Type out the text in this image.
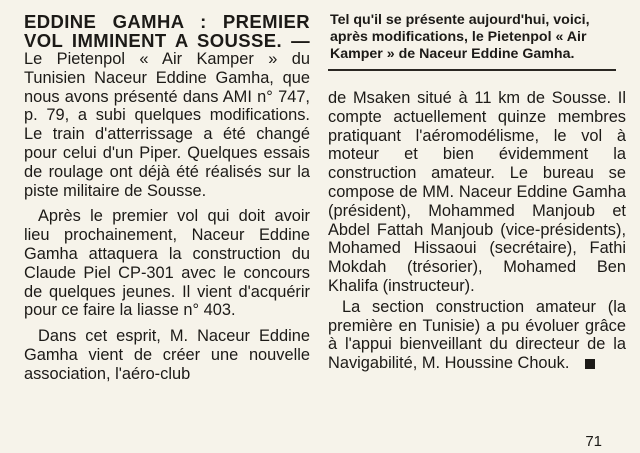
EDDINE GAMHA : PREMIER VOL IMMINENT A SOUSSE. —

Le Pietenpol « Air Kamper » du Tunisien Naceur Eddine Gamha, que nous avons présenté dans AMI n° 747, p. 79, a subi quelques modifications. Le train d'atterrissage a été changé pour celui d'un Piper. Quelques essais de roulage ont déjà été réalisés sur la piste militaire de Sousse.

Après le premier vol qui doit avoir lieu prochainement, Naceur Eddine Gamha attaquera la construction du Claude Piel CP-301 avec le concours de quelques jeunes. Il vient d'acquérir pour ce faire la liasse n° 403.

Dans cet esprit, M. Naceur Eddine Gamha vient de créer une nouvelle association, l'aéro-club

Tel qu'il se présente aujourd'hui, voici, après modifications, le Pietenpol « Air Kamper » de Naceur Eddine Gamha.

de Msaken situé à 11 km de Sousse. Il compte actuellement quinze membres pratiquant l'aéromodélisme, le vol à moteur et bien évidemment la construction amateur. Le bureau se compose de MM. Naceur Eddine Gamha (président), Mohammed Manjoub et Abdel Fattah Manjoub (vice-présidents), Mohamed Hissaoui (secrétaire), Fathi Mokdah (trésorier), Mohamed Ben Khalifa (instructeur).

La section construction amateur (la première en Tunisie) a pu évoluer grâce à l'appui bienveillant du directeur de la Navigabilité, M. Houssine Chouk.

71
